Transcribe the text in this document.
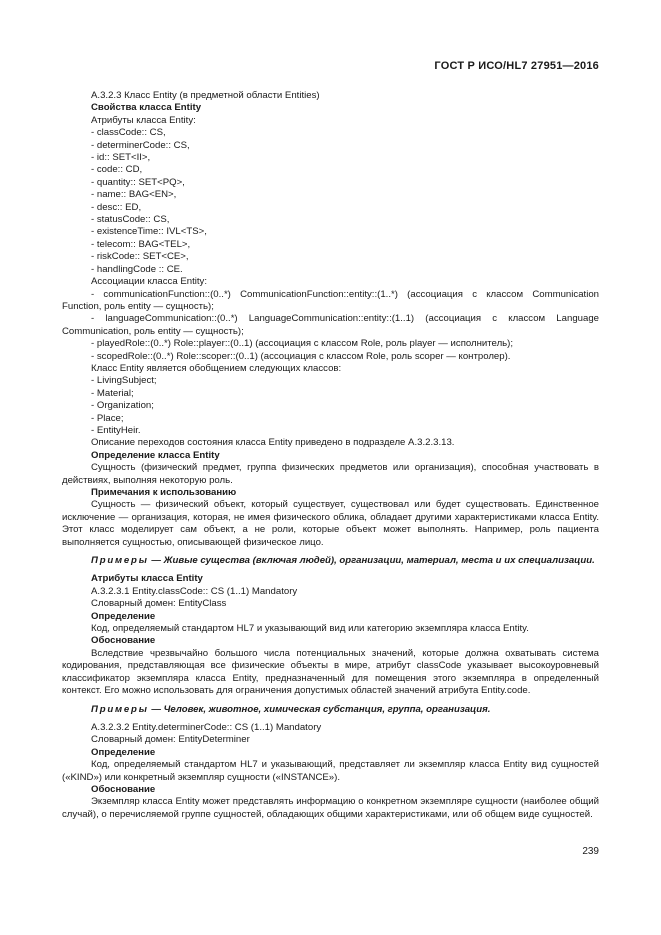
ГОСТ Р ИСО/HL7 27951—2016

А.3.2.3 Класс Entity (в предметной области Entities)

Свойства класса Entity

Атрибуты класса Entity:

- classCode:: CS,

- determinerCode:: CS,

- id:: SET<II>,

- code:: CD,

- quantity:: SET<PQ>,

- name:: BAG<EN>,

- desc:: ED,

- statusCode:: CS,

- existenceTime:: IVL<TS>,

- telecom:: BAG<TEL>,

- riskCode:: SET<CE>,

- handlingCode :: CE.

Ассоциации класса Entity:

- communicationFunction::(0..*) CommunicationFunction::entity::(1..*) (ассоциация с классом Communication Function, роль entity — сущность);

- languageCommunication::(0..*) LanguageCommunication::entity::(1..1) (ассоциация с классом Language Communication, роль entity — сущность);

- playedRole::(0..*) Role::player::(0..1) (ассоциация с классом Role, роль player — исполнитель);

- scopedRole::(0..*) Role::scoper::(0..1) (ассоциация с классом Role, роль scoper — контролер).

Класс Entity является обобщением следующих классов:

- LivingSubject;

- Material;

- Organization;

- Place;

- EntityHeir.

Описание переходов состояния класса Entity приведено в подразделе А.3.2.3.13.

Определение класса Entity

Сущность (физический предмет, группа физических предметов или организация), способная участвовать в действиях, выполняя некоторую роль.

Примечания к использованию

Сущность — физический объект, который существует, существовал или будет существовать. Единственное исключение — организация, которая, не имея физического облика, обладает другими характеристиками класса Entity. Этот класс моделирует сам объект, а не роли, которые объект может выполнять. Например, роль пациента выполняется сущностью, описывающей физическое лицо.

Примеры — Живые существа (включая людей), организации, материал, места и их специализации.

Атрибуты класса Entity

А.3.2.3.1 Entity.classCode:: CS (1..1) Mandatory

Словарный домен: EntityClass

Определение

Код, определяемый стандартом HL7 и указывающий вид или категорию экземпляра класса Entity.

Обоснование

Вследствие чрезвычайно большого числа потенциальных значений, которые должна охватывать система кодирования, представляющая все физические объекты в мире, атрибут classCode указывает высокоуровневый классификатор экземпляра класса Entity, предназначенный для помещения этого экземпляра в определенный контекст. Его можно использовать для ограничения допустимых областей значений атрибута Entity.code.

Примеры — Человек, животное, химическая субстанция, группа, организация.

А.3.2.3.2 Entity.determinerCode:: CS (1..1) Mandatory

Словарный домен: EntityDeterminer

Определение

Код, определяемый стандартом HL7 и указывающий, представляет ли экземпляр класса Entity вид сущностей («KIND») или конкретный экземпляр сущности («INSTANCE»).

Обоснование

Экземпляр класса Entity может представлять информацию о конкретном экземпляре сущности (наиболее общий случай), о перечисляемой группе сущностей, обладающих общими характеристиками, или об общем виде сущностей.

239
